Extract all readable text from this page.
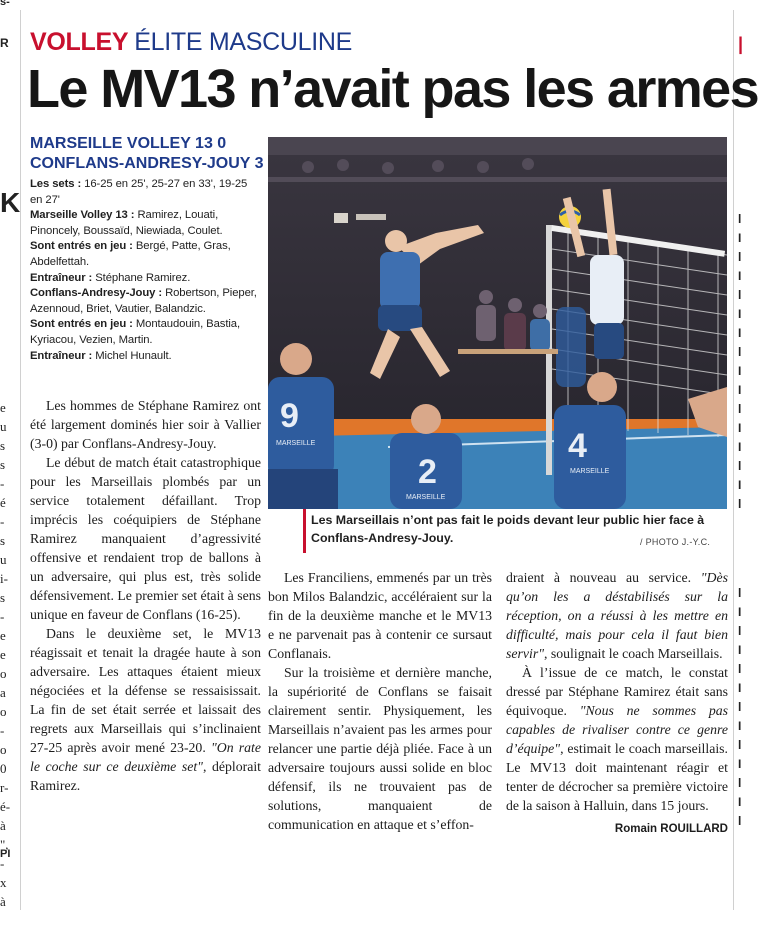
s-
R
K
e
u
s
s
-
é
-
s
u
i-
s
-
e
e
o
a
o
-
o
0
r-
é-
à
",
-
x
à
PI
VOLLEY ÉLITE MASCULINE
Le MV13 n’avait pas les armes
MARSEILLE VOLLEY 13 0
CONFLANS-ANDRESY-JOUY 3

Les sets : 16-25 en 25', 25-27 en 33', 19-25 en 27'

Marseille Volley 13 : Ramirez, Louati, Pinoncely, Boussaïd, Niewiada, Coulet.

Sont entrés en jeu : Bergé, Patte, Gras, Abdelfettah.

Entraîneur : Stéphane Ramirez.

Conflans-Andresy-Jouy : Robertson, Pieper, Azennoud, Briet, Vautier, Balandzic.

Sont entrés en jeu : Montaudouin, Bastia, Kyriacou, Vezien, Martin.

Entraîneur : Michel Hunault.

9
MARSEILLE
2
MARSEILLE
4
MARSEILLE
Les Marseillais n’ont pas fait le poids devant leur public hier face à Conflans-Andresy-Jouy.	/ PHOTO J.-Y.C.

Les hommes de Stéphane Ramirez ont été largement dominés hier soir à Vallier (3-0) par Conflans-Andresy-Jouy.

Le début de match était catastrophique pour les Marseillais plombés par un service totalement défaillant. Trop imprécis les coéquipiers de Stéphane Ramirez manquaient d’agressivité offensive et rendaient trop de ballons à un adversaire, qui plus est, très solide défensivement. Le premier set était à sens unique en faveur de Conflans (16-25).

Dans le deuxième set, le MV13 réagissait et tenait la dragée haute à son adversaire. Les attaques étaient mieux négociées et la défense se ressaisissait. La fin de set était serrée et laissait des regrets aux Marseillais qui s’inclinaient 27-25 après avoir mené 23-20. "On rate le coche sur ce deuxième set", déplorait Ramirez.

Les Franciliens, emmenés par un très bon Milos Balandzic, accéléraient sur la fin de la deuxième manche et le MV13 e ne parvenait pas à contenir ce sursaut Conflanais.

Sur la troisième et dernière manche, la supériorité de Conflans se faisait clairement sentir. Physiquement, les Marseillais n’avaient pas les armes pour relancer une partie déjà pliée. Face à un adversaire toujours aussi solide en bloc défensif, ils ne trouvaient pas de solutions, manquaient de communication en attaque et s’effon-

draient à nouveau au service. "Dès qu’on les a déstabilisés sur la réception, on a réussi à les mettre en difficulté, mais pour cela il faut bien servir", soulignait le coach Marseillais.

À l’issue de ce match, le constat dressé par Stéphane Ramirez était sans équivoque. "Nous ne sommes pas capables de rivaliser contre ce genre d’équipe", estimait le coach marseillais. Le MV13 doit maintenant réagir et tenter de décrocher sa première victoire de la saison à Halluin, dans 15 jours.

Romain ROUILLARD
|
l
I
l
I
l
I
I
l
I
I
l
I
I
l
I
l
l
I
l
I
l
I
l
I
l
I
l
I
l
